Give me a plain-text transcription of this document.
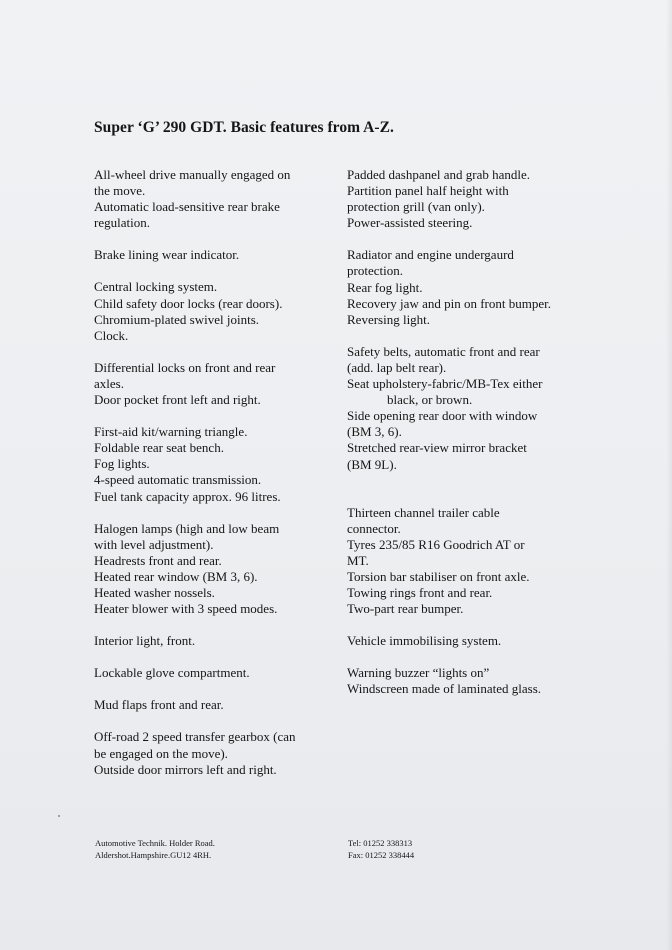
Super ‘G’ 290 GDT. Basic features from A-Z.
All-wheel drive manually engaged on
the move.
Automatic load-sensitive rear brake
regulation.
Brake lining wear indicator.
Central locking system.
Child safety door locks (rear doors).
Chromium-plated swivel joints.
Clock.
Differential locks on front and rear
axles.
Door pocket front left and right.
First-aid kit/warning triangle.
Foldable rear seat bench.
Fog lights.
4-speed automatic transmission.
Fuel tank capacity approx. 96 litres.
Halogen lamps (high and low beam
with level adjustment).
Headrests front and rear.
Heated rear window (BM 3, 6).
Heated washer nossels.
Heater blower with 3 speed modes.
Interior light, front.
Lockable glove compartment.
Mud flaps front and rear.
Off-road 2 speed transfer gearbox (can
be engaged on the move).
Outside door mirrors left and right.
Padded dashpanel and grab handle.
Partition panel half height with
protection grill (van only).
Power-assisted steering.
Radiator and engine undergaurd
protection.
Rear fog light.
Recovery jaw and pin on front bumper.
Reversing light.
Safety belts, automatic front and rear
(add. lap belt rear).
Seat upholstery-fabric/MB-Tex either
black, or brown.
Side opening rear door with window
(BM 3, 6).
Stretched rear-view mirror bracket
(BM 9L).
Thirteen channel trailer cable
connector.
Tyres 235/85 R16 Goodrich AT or
MT.
Torsion bar stabiliser on front axle.
Towing rings front and rear.
Two-part rear bumper.
Vehicle immobilising system.
Warning buzzer “lights on”
Windscreen made of laminated glass.
Automotive Technik. Holder Road.
Aldershot.Hampshire.GU12 4RH.
Tel: 01252 338313
Fax: 01252 338444
